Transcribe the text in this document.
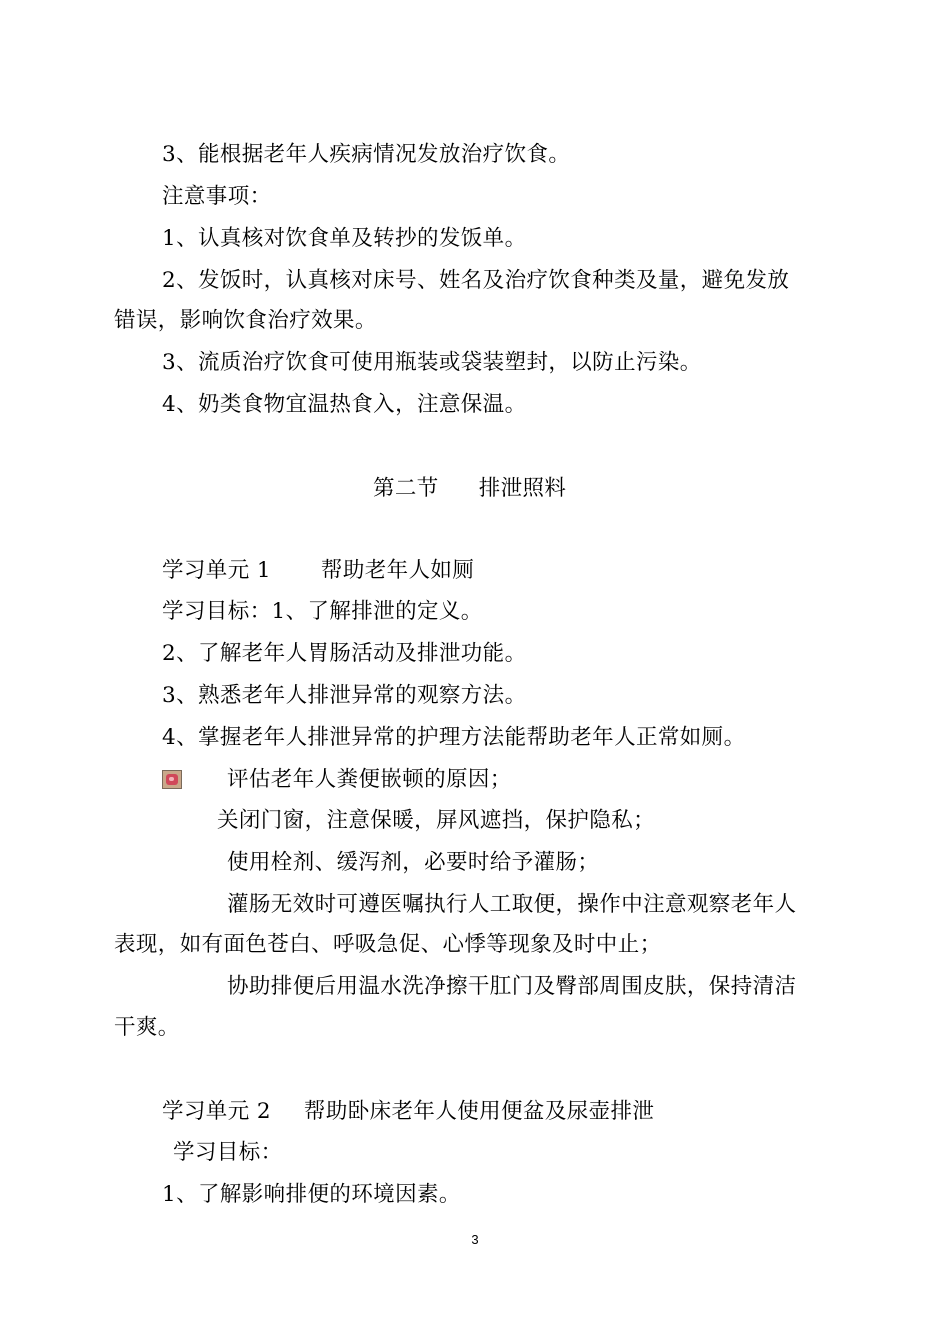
3、能根据老年人疾病情况发放治疗饮食。
注意事项：
1、认真核对饮食单及转抄的发饭单。
2、发饭时，认真核对床号、姓名及治疗饮食种类及量，避免发放
错误，影响饮食治疗效果。
3、流质治疗饮食可使用瓶装或袋装塑封，以防止污染。
4、奶类食物宜温热食入，注意保温。
第二节 排泄照料
学习单元 1 帮助老年人如厕
学习目标：1、了解排泄的定义。
2、了解老年人胃肠活动及排泄功能。
3、熟悉老年人排泄异常的观察方法。
4、掌握老年人排泄异常的护理方法能帮助老年人正常如厕。
评估老年人粪便嵌顿的原因；
关闭门窗，注意保暖，屏风遮挡，保护隐私；
使用栓剂、缓泻剂，必要时给予灌肠；
灌肠无效时可遵医嘱执行人工取便，操作中注意观察老年人
表现，如有面色苍白、呼吸急促、心悸等现象及时中止；
协助排便后用温水洗净擦干肛门及臀部周围皮肤，保持清洁
干爽。
学习单元 2 帮助卧床老年人使用便盆及尿壶排泄
学习目标：
1、了解影响排便的环境因素。
3
